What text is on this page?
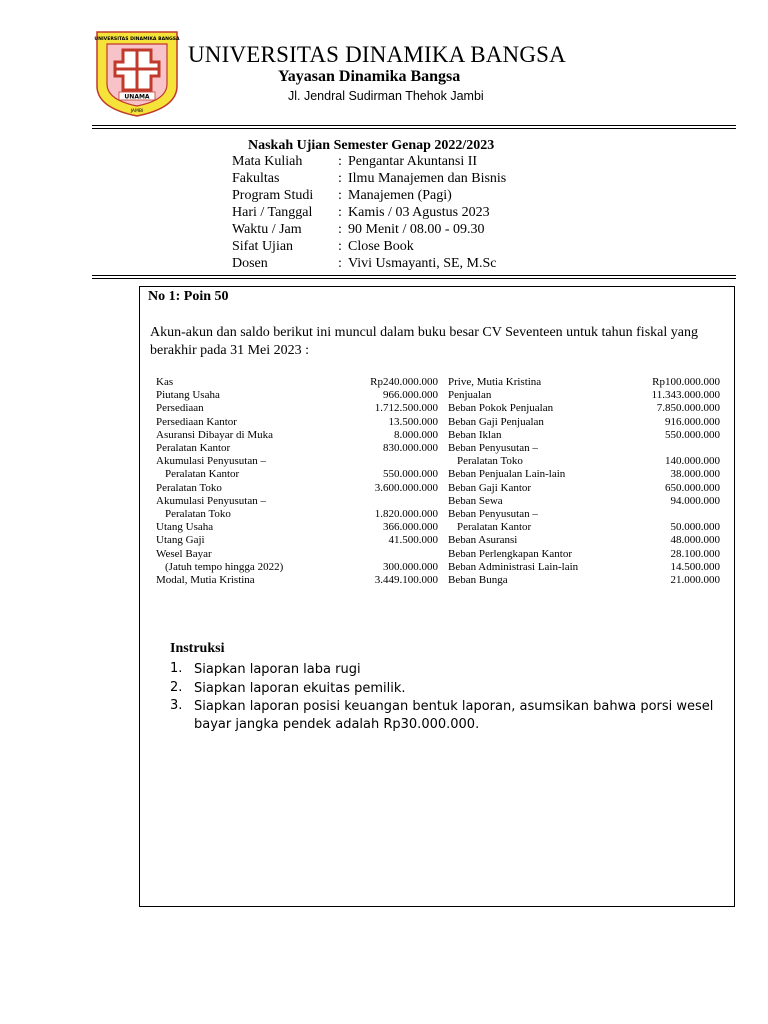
UNAMA
JAMBI
UNIVERSITAS DINAMIKA BANGSA
UNIVERSITAS DINAMIKA BANGSA
Yayasan Dinamika Bangsa
Jl. Jendral Sudirman Thehok Jambi
Naskah Ujian Semester Genap 2022/2023
Mata Kuliah	: Pengantar Akuntansi II
Fakultas	: Ilmu Manajemen dan Bisnis
Program Studi : Manajemen (Pagi)
Hari / Tanggal : Kamis / 03 Agustus 2023
Waktu / Jam	: 90 Menit / 08.00 - 09.30
Sifat Ujian	: Close Book
Dosen	: Vivi Usmayanti, SE, M.Sc
No 1: Poin 50
Akun-akun dan saldo berikut ini muncul dalam buku besar CV Seventeen untuk tahun fiskal yang berakhir pada 31 Mei 2023 :
Kas	Rp240.000.000
Piutang Usaha	966.000.000
Persediaan	1.712.500.000
Persediaan Kantor	13.500.000
Asuransi Dibayar di Muka	8.000.000
Peralatan Kantor	830.000.000
Akumulasi Penyusutan –
Peralatan Kantor	550.000.000
Peralatan Toko	3.600.000.000
Akumulasi Penyusutan –
Peralatan Toko	1.820.000.000
Utang Usaha	366.000.000
Utang Gaji	41.500.000
Wesel Bayar
(Jatuh tempo hingga 2022)	300.000.000
Modal, Mutia Kristina	3.449.100.000
Prive, Mutia Kristina	Rp100.000.000
Penjualan	11.343.000.000
Beban Pokok Penjualan	7.850.000.000
Beban Gaji Penjualan	916.000.000
Beban Iklan	550.000.000
Beban Penyusutan –
Peralatan Toko	140.000.000
Beban Penjualan Lain-lain	38.000.000
Beban Gaji Kantor	650.000.000
Beban Sewa	94.000.000
Beban Penyusutan –
Peralatan Kantor	50.000.000
Beban Asuransi	48.000.000
Beban Perlengkapan Kantor	28.100.000
Beban Administrasi Lain-lain	14.500.000
Beban Bunga	21.000.000
Instruksi
1. Siapkan laporan laba rugi
2. Siapkan laporan ekuitas pemilik.
3. Siapkan laporan posisi keuangan bentuk laporan, asumsikan bahwa porsi wesel bayar jangka pendek adalah Rp30.000.000.
